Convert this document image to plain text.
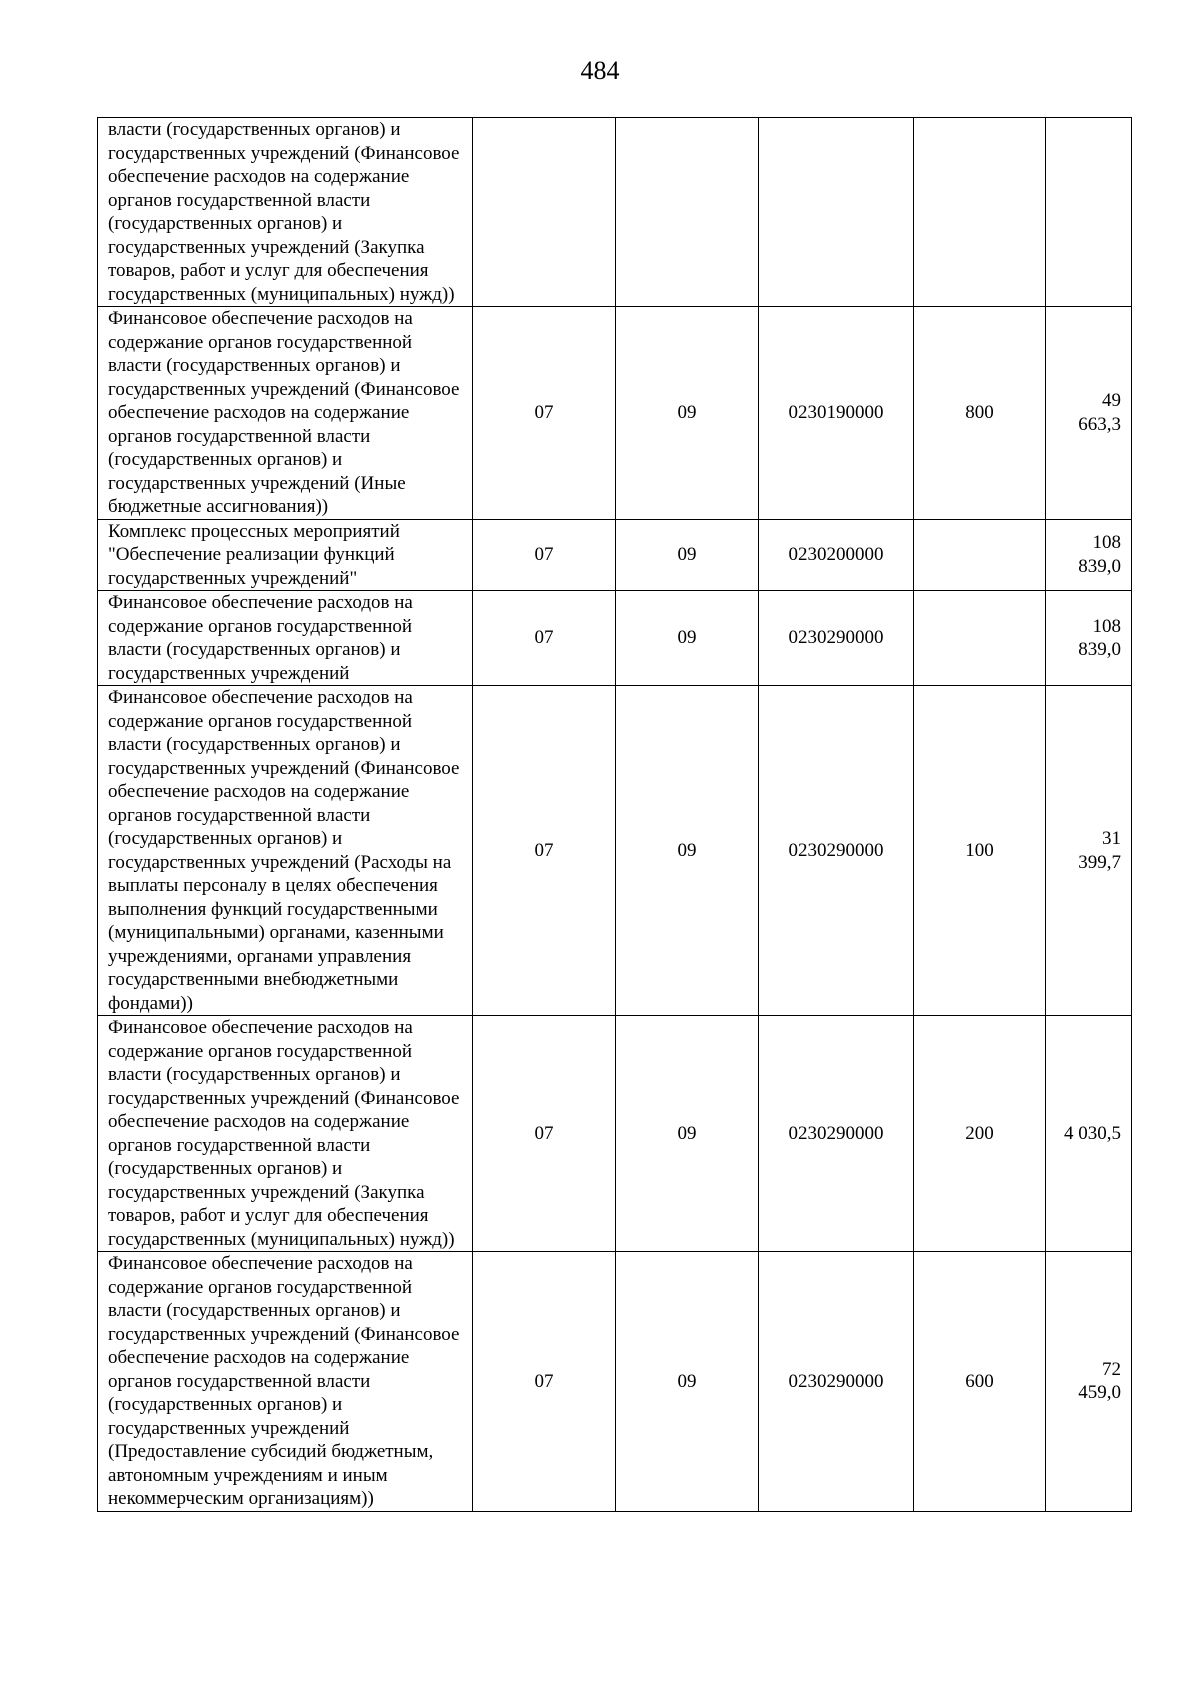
484
власти (государственных органов) и государственных учреждений (Финансовое обеспечение расходов на содержание органов государственной власти (государственных органов) и государственных учреждений (Закупка товаров, работ и услуг для обеспечения государственных (муниципальных) нужд))					
Финансовое обеспечение расходов на содержание органов государственной власти (государственных органов) и государственных учреждений (Финансовое обеспечение расходов на содержание органов государственной власти (государственных органов) и государственных учреждений (Иные бюджетные ассигнования))	07	09	0230190000	800	49 663,3
Комплекс процессных мероприятий "Обеспечение реализации функций государственных учреждений"	07	09	0230200000		108 839,0
Финансовое обеспечение расходов на содержание органов государственной власти (государственных органов) и государственных учреждений	07	09	0230290000		108 839,0
Финансовое обеспечение расходов на содержание органов государственной власти (государственных органов) и государственных учреждений (Финансовое обеспечение расходов на содержание органов государственной власти (государственных органов) и государственных учреждений (Расходы на выплаты персоналу в целях обеспечения выполнения функций государственными (муниципальными) органами, казенными учреждениями, органами управления государственными внебюджетными фондами))	07	09	0230290000	100	31 399,7
Финансовое обеспечение расходов на содержание органов государственной власти (государственных органов) и государственных учреждений (Финансовое обеспечение расходов на содержание органов государственной власти (государственных органов) и государственных учреждений (Закупка товаров, работ и услуг для обеспечения государственных (муниципальных) нужд))	07	09	0230290000	200	4 030,5
Финансовое обеспечение расходов на содержание органов государственной власти (государственных органов) и государственных учреждений (Финансовое обеспечение расходов на содержание органов государственной власти (государственных органов) и государственных учреждений (Предоставление субсидий бюджетным, автономным учреждениям и иным некоммерческим организациям))	07	09	0230290000	600	72 459,0
